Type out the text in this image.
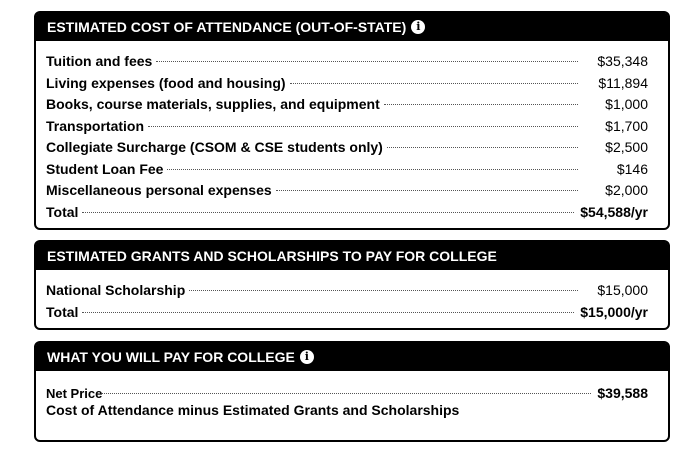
ESTIMATED COST OF ATTENDANCE (OUT-OF-STATE) i
Tuition and fees	$35,348
Living expenses (food and housing)	$11,894
Books, course materials, supplies, and equipment	$1,000
Transportation	$1,700
Collegiate Surcharge (CSOM & CSE students only)	$2,500
Student Loan Fee	$146
Miscellaneous personal expenses	$2,000
Total	$54,588/yr
ESTIMATED GRANTS AND SCHOLARSHIPS TO PAY FOR COLLEGE
National Scholarship	$15,000
Total	$15,000/yr
WHAT YOU WILL PAY FOR COLLEGE i
Net Price	$39,588
Cost of Attendance minus Estimated Grants and Scholarships
